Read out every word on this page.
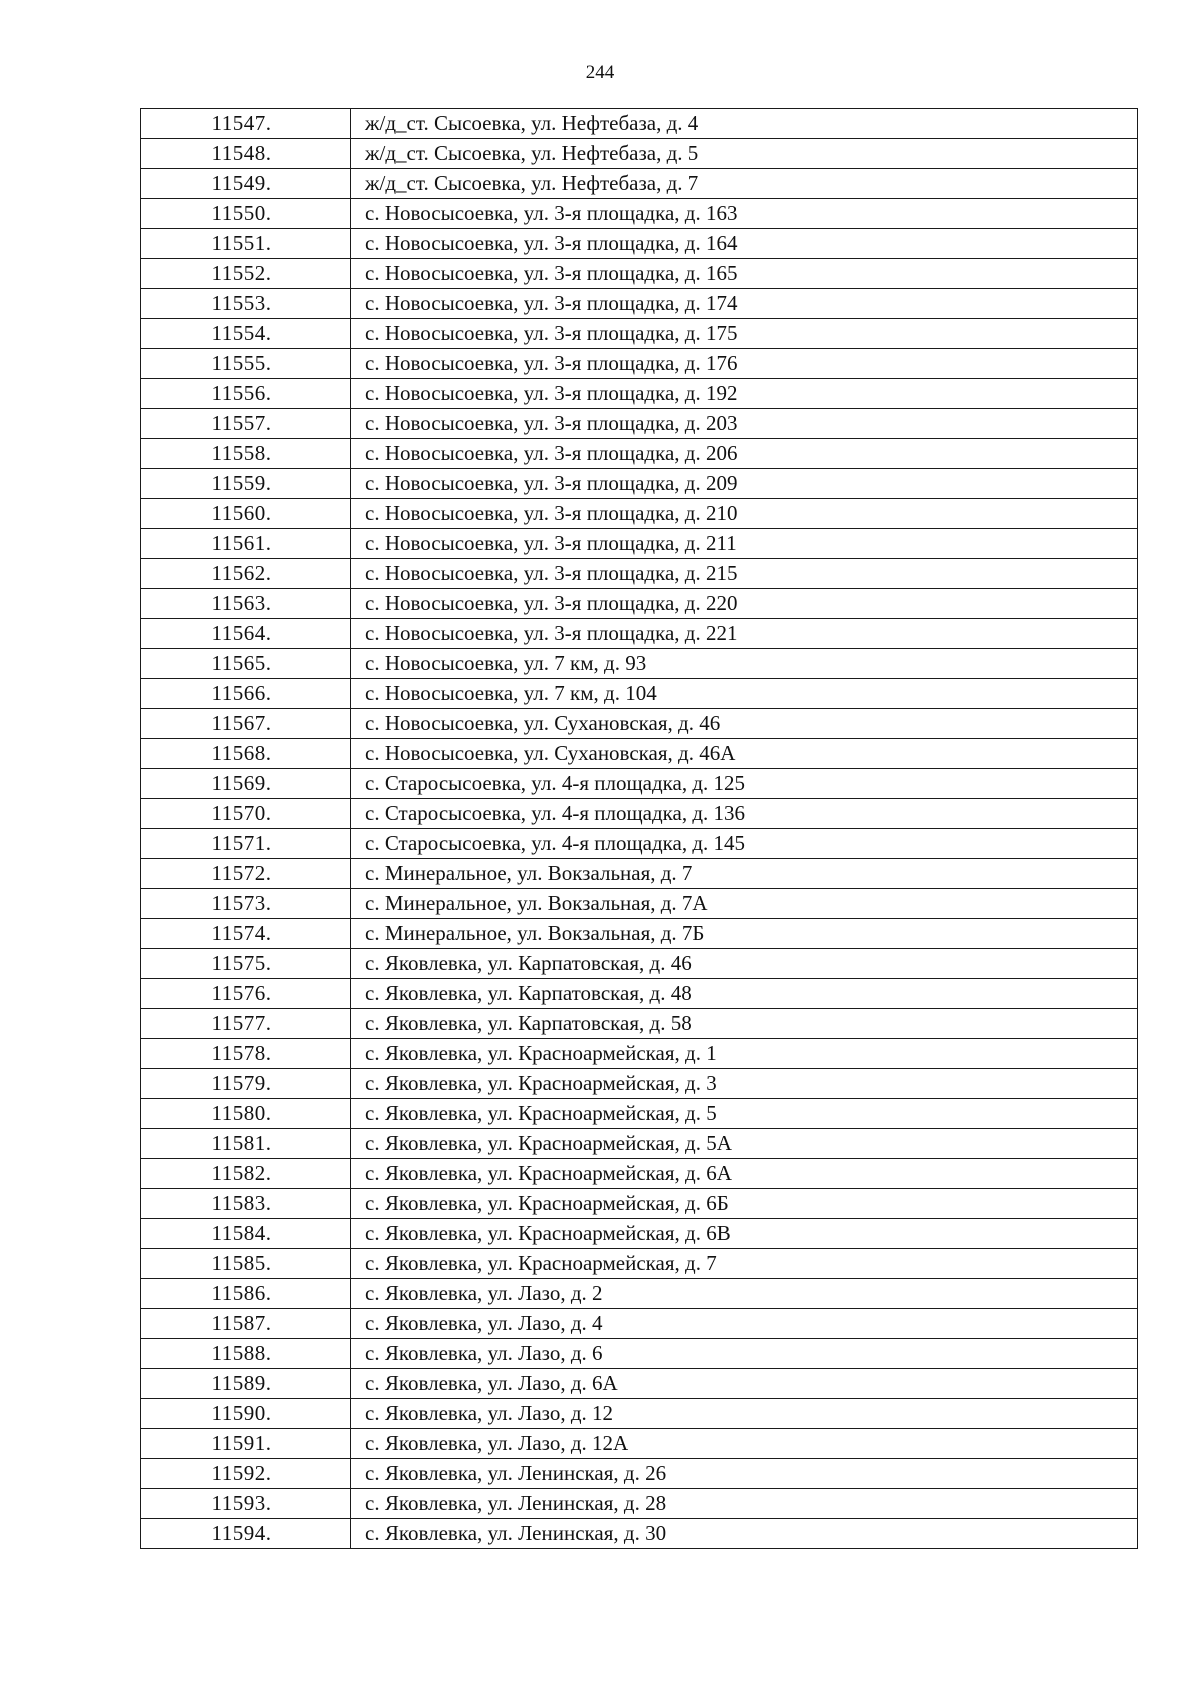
244
11547.	ж/д_ст. Сысоевка, ул. Нефтебаза, д. 4
11548.	ж/д_ст. Сысоевка, ул. Нефтебаза, д. 5
11549.	ж/д_ст. Сысоевка, ул. Нефтебаза, д. 7
11550.	с. Новосысоевка, ул. 3-я площадка, д. 163
11551.	с. Новосысоевка, ул. 3-я площадка, д. 164
11552.	с. Новосысоевка, ул. 3-я площадка, д. 165
11553.	с. Новосысоевка, ул. 3-я площадка, д. 174
11554.	с. Новосысоевка, ул. 3-я площадка, д. 175
11555.	с. Новосысоевка, ул. 3-я площадка, д. 176
11556.	с. Новосысоевка, ул. 3-я площадка, д. 192
11557.	с. Новосысоевка, ул. 3-я площадка, д. 203
11558.	с. Новосысоевка, ул. 3-я площадка, д. 206
11559.	с. Новосысоевка, ул. 3-я площадка, д. 209
11560.	с. Новосысоевка, ул. 3-я площадка, д. 210
11561.	с. Новосысоевка, ул. 3-я площадка, д. 211
11562.	с. Новосысоевка, ул. 3-я площадка, д. 215
11563.	с. Новосысоевка, ул. 3-я площадка, д. 220
11564.	с. Новосысоевка, ул. 3-я площадка, д. 221
11565.	с. Новосысоевка, ул. 7 км, д. 93
11566.	с. Новосысоевка, ул. 7 км, д. 104
11567.	с. Новосысоевка, ул. Сухановская, д. 46
11568.	с. Новосысоевка, ул. Сухановская, д. 46А
11569.	с. Старосысоевка, ул. 4-я площадка, д. 125
11570.	с. Старосысоевка, ул. 4-я площадка, д. 136
11571.	с. Старосысоевка, ул. 4-я площадка, д. 145
11572.	с. Минеральное, ул. Вокзальная, д. 7
11573.	с. Минеральное, ул. Вокзальная, д. 7А
11574.	с. Минеральное, ул. Вокзальная, д. 7Б
11575.	с. Яковлевка, ул. Карпатовская, д. 46
11576.	с. Яковлевка, ул. Карпатовская, д. 48
11577.	с. Яковлевка, ул. Карпатовская, д. 58
11578.	с. Яковлевка, ул. Красноармейская, д. 1
11579.	с. Яковлевка, ул. Красноармейская, д. 3
11580.	с. Яковлевка, ул. Красноармейская, д. 5
11581.	с. Яковлевка, ул. Красноармейская, д. 5А
11582.	с. Яковлевка, ул. Красноармейская, д. 6А
11583.	с. Яковлевка, ул. Красноармейская, д. 6Б
11584.	с. Яковлевка, ул. Красноармейская, д. 6В
11585.	с. Яковлевка, ул. Красноармейская, д. 7
11586.	с. Яковлевка, ул. Лазо, д. 2
11587.	с. Яковлевка, ул. Лазо, д. 4
11588.	с. Яковлевка, ул. Лазо, д. 6
11589.	с. Яковлевка, ул. Лазо, д. 6А
11590.	с. Яковлевка, ул. Лазо, д. 12
11591.	с. Яковлевка, ул. Лазо, д. 12А
11592.	с. Яковлевка, ул. Ленинская, д. 26
11593.	с. Яковлевка, ул. Ленинская, д. 28
11594.	с. Яковлевка, ул. Ленинская, д. 30
